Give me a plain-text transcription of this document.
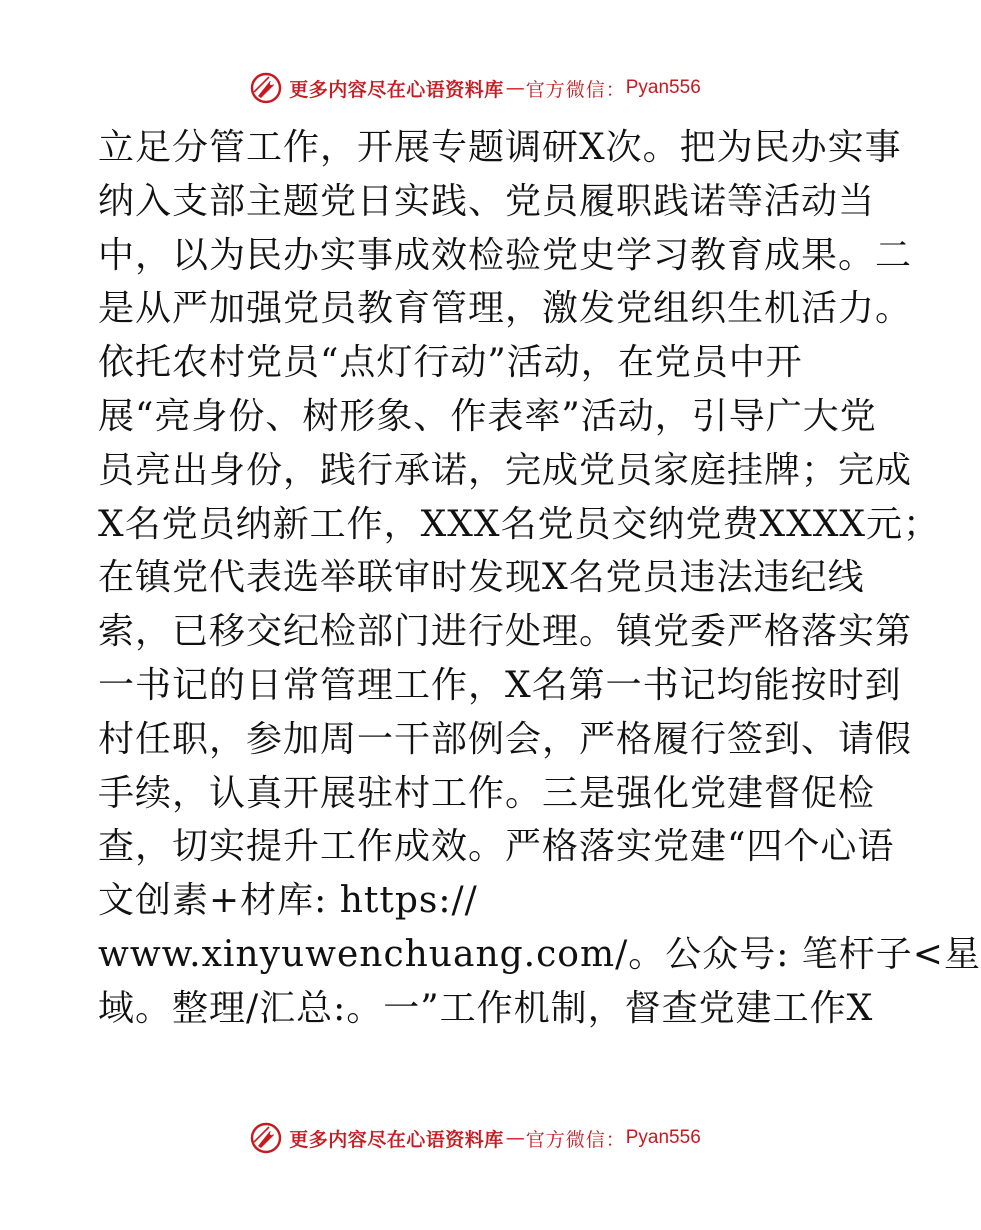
更多内容尽在心语资料库 — 官方微信： Pyan556
立足分管工作，开展专题调研X次。把为民办实事
纳入支部主题党日实践、党员履职践诺等活动当
中，以为民办实事成效检验党史学习教育成果。二
是从严加强党员教育管理，激发党组织生机活力。
依托农村党员“点灯行动”活动，在党员中开
展“亮身份、树形象、作表率”活动，引导广大党
员亮出身份，践行承诺，完成党员家庭挂牌；完成
X名党员纳新工作，XXX名党员交纳党费XXXX元；
在镇党代表选举联审时发现X名党员违法违纪线
索，已移交纪检部门进行处理。镇党委严格落实第
一书记的日常管理工作，X名第一书记均能按时到
村任职，参加周一干部例会，严格履行签到、请假
手续，认真开展驻村工作。三是强化党建督促检
查，切实提升工作成效。严格落实党建“四个心语
文创素+材库: https://
www.xinyuwenchuang.com/。公众号: 笔杆子<星
域。整理/汇总:。一”工作机制，督查党建工作X
更多内容尽在心语资料库 — 官方微信： Pyan556
